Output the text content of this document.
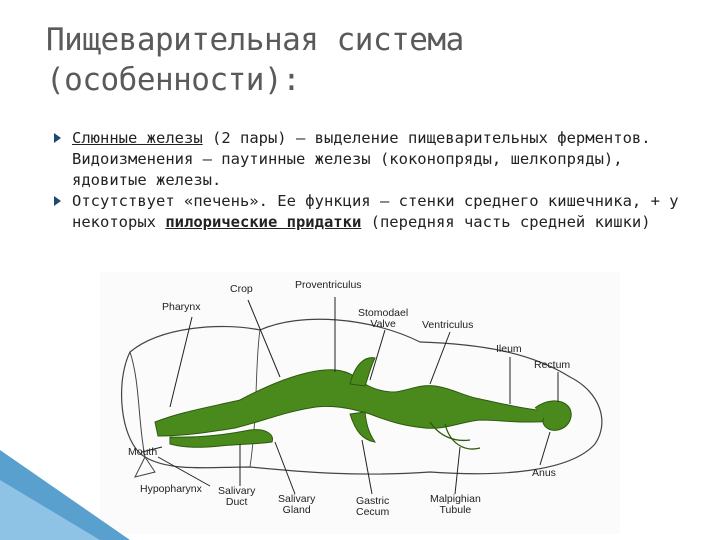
Пищеварительная система
(особенности):
Слюнные железы (2 пары) – выделение пищеварительных ферментов. Видоизменения – паутинные железы (коконопряды, шелкопряды), ядовитые железы.
Отсутствует «печень». Ее функция – стенки среднего кишечника, + у некоторых пилорические придатки (передняя часть средней кишки)
Pharynx
Crop	Proventriculus
Stomodael
Valve	Ventriculus
Ileum
Rectum
Mouth
Hypopharynx Salivary
Duct	Salivary
Gland
Gastric
Cecum
Malpighian
Tubule
Anus
